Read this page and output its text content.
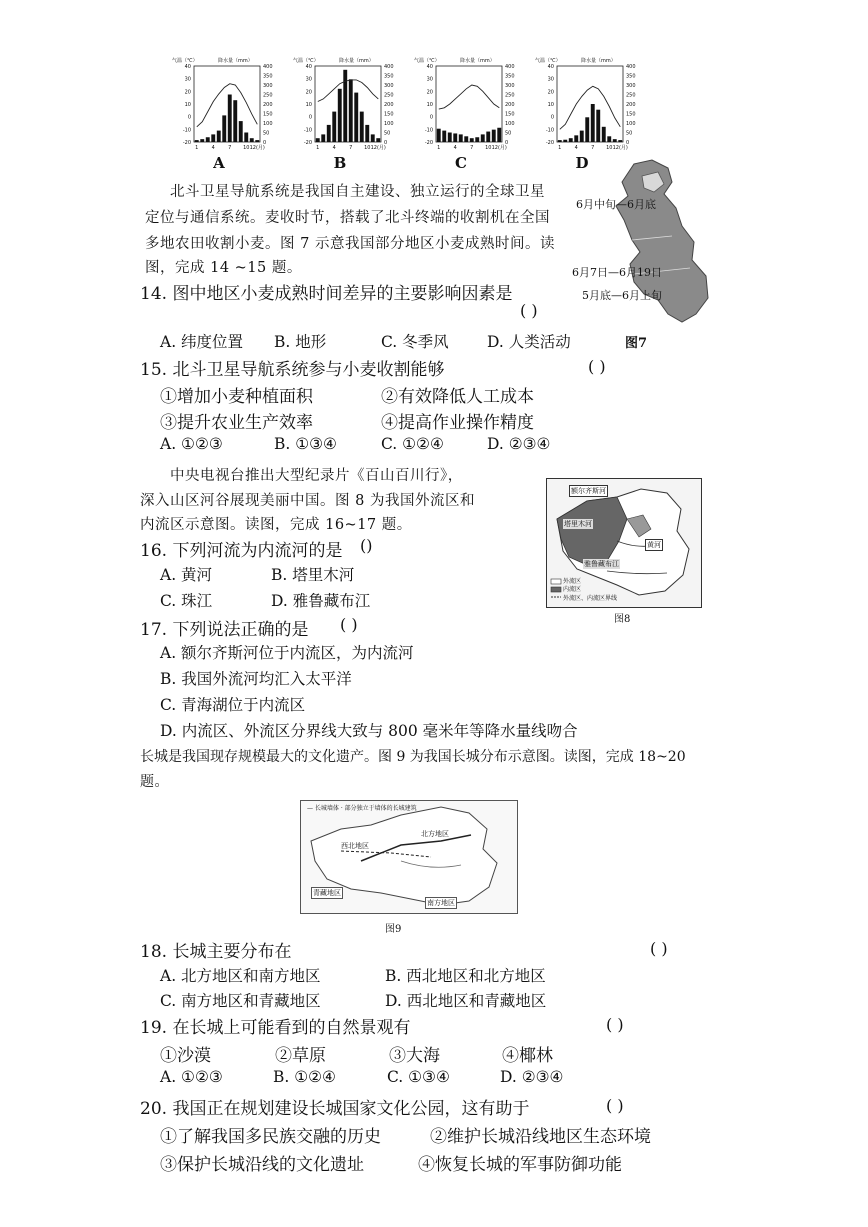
气温（℃）	降水量（mm）
40
30
20
10
0
-10
-20
400
350
300
250
200
150
100
50
0
1	4	7 10 12(月)
气温（℃）	降水量（mm）
40
30
20
10
0
-10
-20
400
350
300
250
200
150
100
50
0
1	4	7 10 12(月)
气温（℃）	降水量（mm）
40
30
20
10
0
-10
-20
400
350
300
250
200
150
100
50
0
1	4	7 10 12(月)
气温（℃）	降水量（mm）
40
30
20
10
0
-10
-20
400
350
300
250
200
150
100
50
0
1	4	7 10 12(月)
A	B	C	D
北斗卫星导航系统是我国自主建设、独立运行的全球卫星
定位与通信系统。麦收时节，搭载了北斗终端的收割机在全国
多地农田收割小麦。图 7 示意我国部分地区小麦成熟时间。读
图，完成 14 ~15 题。
6月中旬—6月底
6月7日—6月19日
5月底—6月上旬
14. 图中地区小麦成熟时间差异的主要影响因素是
( )
A. 纬度位置 B. 地形	C. 冬季风 D. 人类活动	图7
15. 北斗卫星导航系统参与小麦收割能够	( )
①增加小麦种植面积	②有效降低人工成本
③提升农业生产效率	④提高作业操作精度
A. ①②③	B. ①③④	C. ①②④	D. ②③④
中央电视台推出大型纪录片《百山百川行》，
深入山区河谷展现美丽中国。图 8 为我国外流区和
内流区示意图。读图，完成 16~17 题。
额尔齐斯河
塔里木河
黄河
雅鲁藏布江
外流区
内流区
外流区、内流区界线
图8
16. 下列河流为内流河的是 ()
A. 黄河	B. 塔里木河
C. 珠江	D. 雅鲁藏布江
17. 下列说法正确的是 ( )
A. 额尔齐斯河位于内流区，为内流河
B. 我国外流河均汇入太平洋
C. 青海湖位于内流区
D. 内流区、外流区分界线大致与 800 毫米年等降水量线吻合
长城是我国现存规模最大的文化遗产。图 9 为我国长城分布示意图。读图，完成 18~20
题。
— 长城墙体 · 部分独立于墙体的长城建筑
西北地区
北方地区
青藏地区
南方地区
图9
18. 长城主要分布在	( )
A. 北方地区和南方地区	B. 西北地区和北方地区
C. 南方地区和青藏地区	D. 西北地区和青藏地区
19. 在长城上可能看到的自然景观有	( )
①沙漠	②草原	③大海	④椰林
A. ①②③	B. ①②④	C. ①③④	D. ②③④
20. 我国正在规划建设长城国家文化公园，这有助于	( )
①了解我国多民族交融的历史	②维护长城沿线地区生态环境
③保护长城沿线的文化遗址	④恢复长城的军事防御功能
